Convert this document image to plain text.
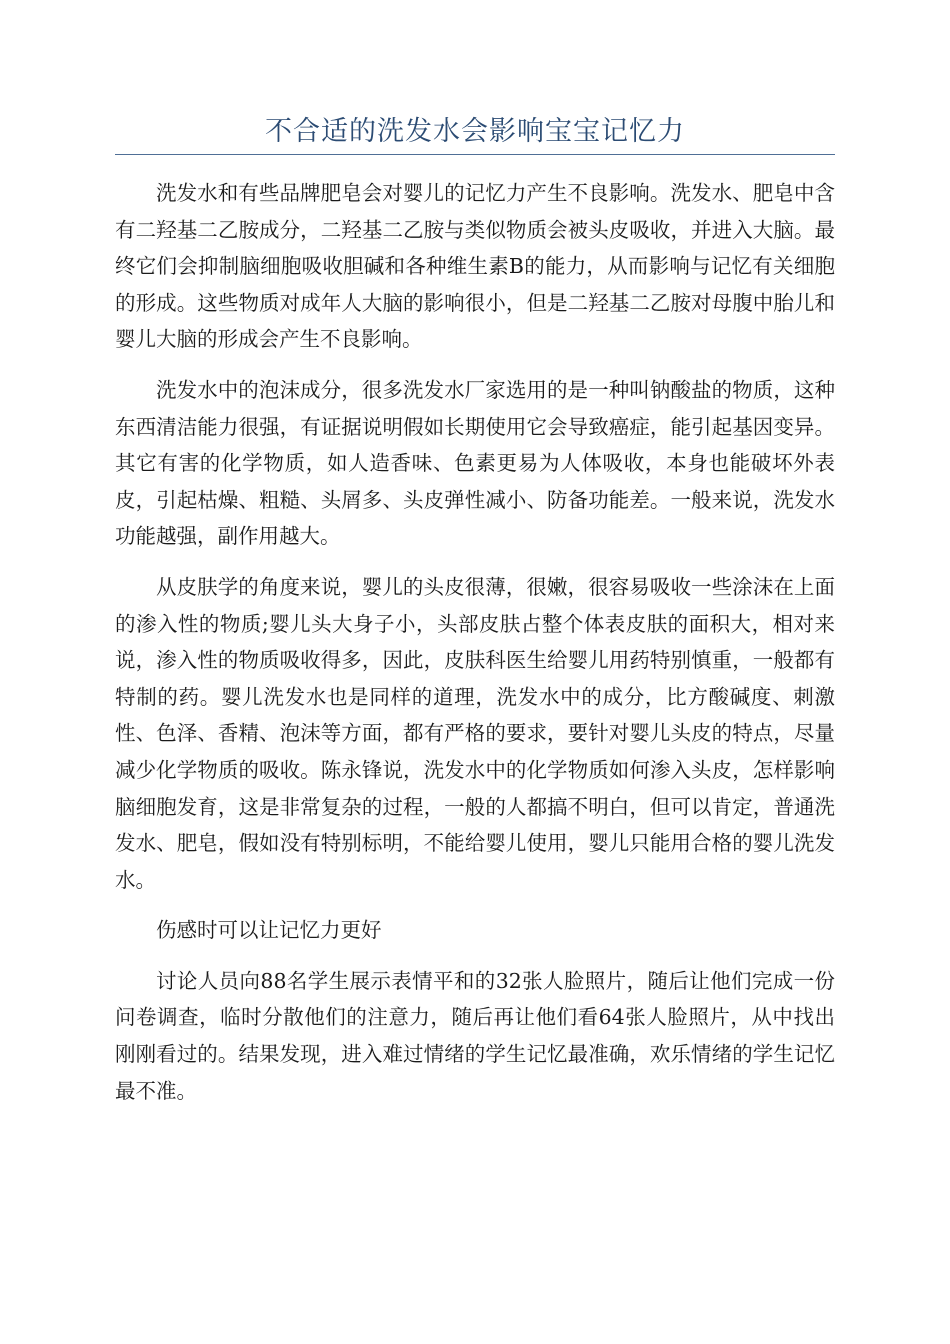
不合适的洗发水会影响宝宝记忆力

洗发水和有些品牌肥皂会对婴儿的记忆力产生不良影响。洗发水、肥皂中含有二羟基二乙胺成分，二羟基二乙胺与类似物质会被头皮吸收，并进入大脑。最终它们会抑制脑细胞吸收胆碱和各种维生素B的能力，从而影响与记忆有关细胞的形成。这些物质对成年人大脑的影响很小，但是二羟基二乙胺对母腹中胎儿和婴儿大脑的形成会产生不良影响。

洗发水中的泡沫成分，很多洗发水厂家选用的是一种叫钠酸盐的物质，这种东西清洁能力很强，有证据说明假如长期使用它会导致癌症，能引起基因变异。其它有害的化学物质，如人造香味、色素更易为人体吸收，本身也能破坏外表皮，引起枯燥、粗糙、头屑多、头皮弹性减小、防备功能差。一般来说，洗发水功能越强，副作用越大。

从皮肤学的角度来说，婴儿的头皮很薄，很嫩，很容易吸收一些涂沫在上面的渗入性的物质;婴儿头大身子小，头部皮肤占整个体表皮肤的面积大，相对来说，渗入性的物质吸收得多，因此，皮肤科医生给婴儿用药特别慎重，一般都有特制的药。婴儿洗发水也是同样的道理，洗发水中的成分，比方酸碱度、刺激性、色泽、香精、泡沫等方面，都有严格的要求，要针对婴儿头皮的特点，尽量减少化学物质的吸收。陈永锋说，洗发水中的化学物质如何渗入头皮，怎样影响脑细胞发育，这是非常复杂的过程，一般的人都搞不明白，但可以肯定，普通洗发水、肥皂，假如没有特别标明，不能给婴儿使用，婴儿只能用合格的婴儿洗发水。

伤感时可以让记忆力更好

讨论人员向88名学生展示表情平和的32张人脸照片，随后让他们完成一份问卷调查，临时分散他们的注意力，随后再让他们看64张人脸照片，从中找出刚刚看过的。结果发现，进入难过情绪的学生记忆最准确，欢乐情绪的学生记忆最不准。
